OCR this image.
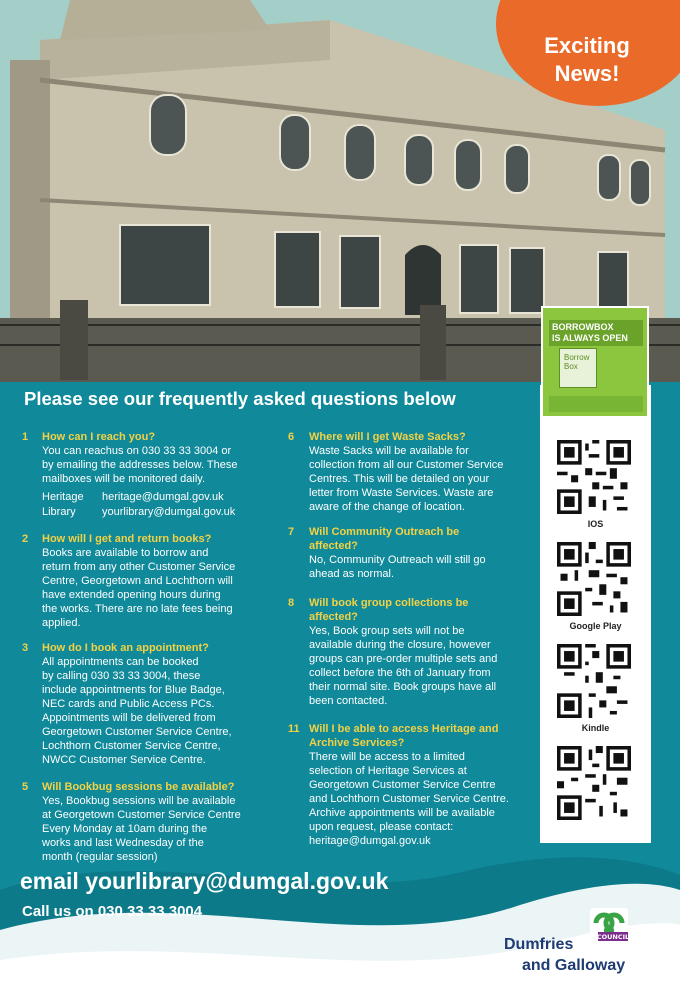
Exciting
News!
Please see our frequently asked questions below
1 How can I reach you?
You can reachus on 030 33 33 3004 or
by emailing the addresses below. These
mailboxes will be monitored daily.
Heritage heritage@dumgal.gov.uk
Library yourlibrary@dumgal.gov.uk
2 How will I get and return books?
Books are available to borrow and
return from any other Customer Service
Centre, Georgetown and Lochthorn will
have extended opening hours during
the works. There are no late fees being
applied.
3 How do I book an appointment?
All appointments can be booked
by calling 030 33 33 3004, these
include appointments for Blue Badge,
NEC cards and Public Access PCs.
Appointments will be delivered from
Georgetown Customer Service Centre,
Lochthorn Customer Service Centre,
NWCC Customer Service Centre.
5 Will Bookbug sessions be available?
Yes, Bookbug sessions will be available
at Georgetown Customer Service Centre
Every Monday at 10am during the
works and last Wednesday of the
month (regular session)
6 Where will I get Waste Sacks?
Waste Sacks will be available for
collection from all our Customer Service
Centres. This will be detailed on your
letter from Waste Services. Waste are
aware of the change of location.
7 Will Community Outreach be
affected?
No, Community Outreach will still go
ahead as normal.
8 Will book group collections be
affected?
Yes, Book group sets will not be
available during the closure, however
groups can pre-order multiple sets and
collect before the 6th of January from
their normal site. Book groups have all
been contacted.
11 Will I be able to access Heritage and
Archive Services?
There will be access to a limited
selection of Heritage Services at
Georgetown Customer Service Centre
and Lochthorn Customer Service Centre.
Archive appointments will be available
upon request, please contact:
heritage@dumgal.gov.uk
email yourlibrary@dumgal.gov.uk
Call us on 030 33 33 3004
BORROWBOX
IS ALWAYS OPEN
Borrow Box
IOS
Google Play
Kindle
COUNCIL
Dumfries
and Galloway
